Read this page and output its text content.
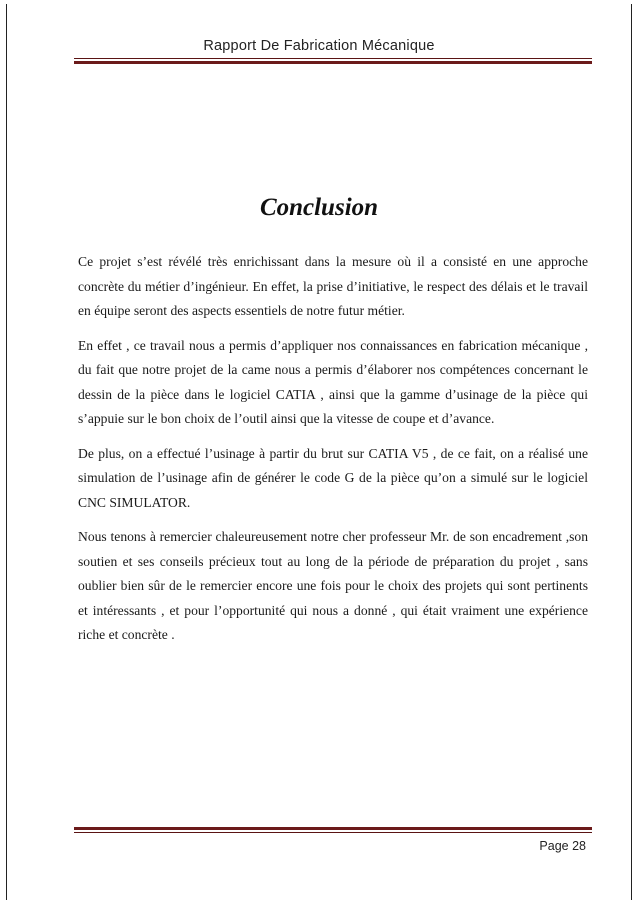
Rapport De Fabrication Mécanique
Conclusion

Ce projet s’est révélé très enrichissant dans la mesure où il a consisté en une approche concrète du métier d’ingénieur. En effet, la prise d’initiative, le respect des délais et le travail en équipe seront des aspects essentiels de notre futur métier.

En effet , ce travail nous a permis d’appliquer nos connaissances en fabrication mécanique , du fait que notre projet de la came nous a permis d’élaborer nos compétences concernant le dessin de la pièce dans le logiciel CATIA , ainsi que la gamme d’usinage de la pièce qui s’appuie sur le bon choix de l’outil ainsi que la vitesse de coupe et d’avance.

De plus, on a effectué l’usinage à partir du brut sur CATIA V5 , de ce fait, on a réalisé une simulation de l’usinage afin de générer le code G de la pièce qu’on a simulé sur le logiciel CNC SIMULATOR.

Nous tenons à remercier chaleureusement notre cher professeur Mr. de son encadrement ,son soutien et ses conseils précieux tout au long de la période de préparation du projet , sans oublier bien sûr de le remercier encore une fois pour le choix des projets qui sont pertinents et intéressants , et pour l’opportunité qui nous a donné , qui était vraiment une expérience riche et concrète .

Page 28
